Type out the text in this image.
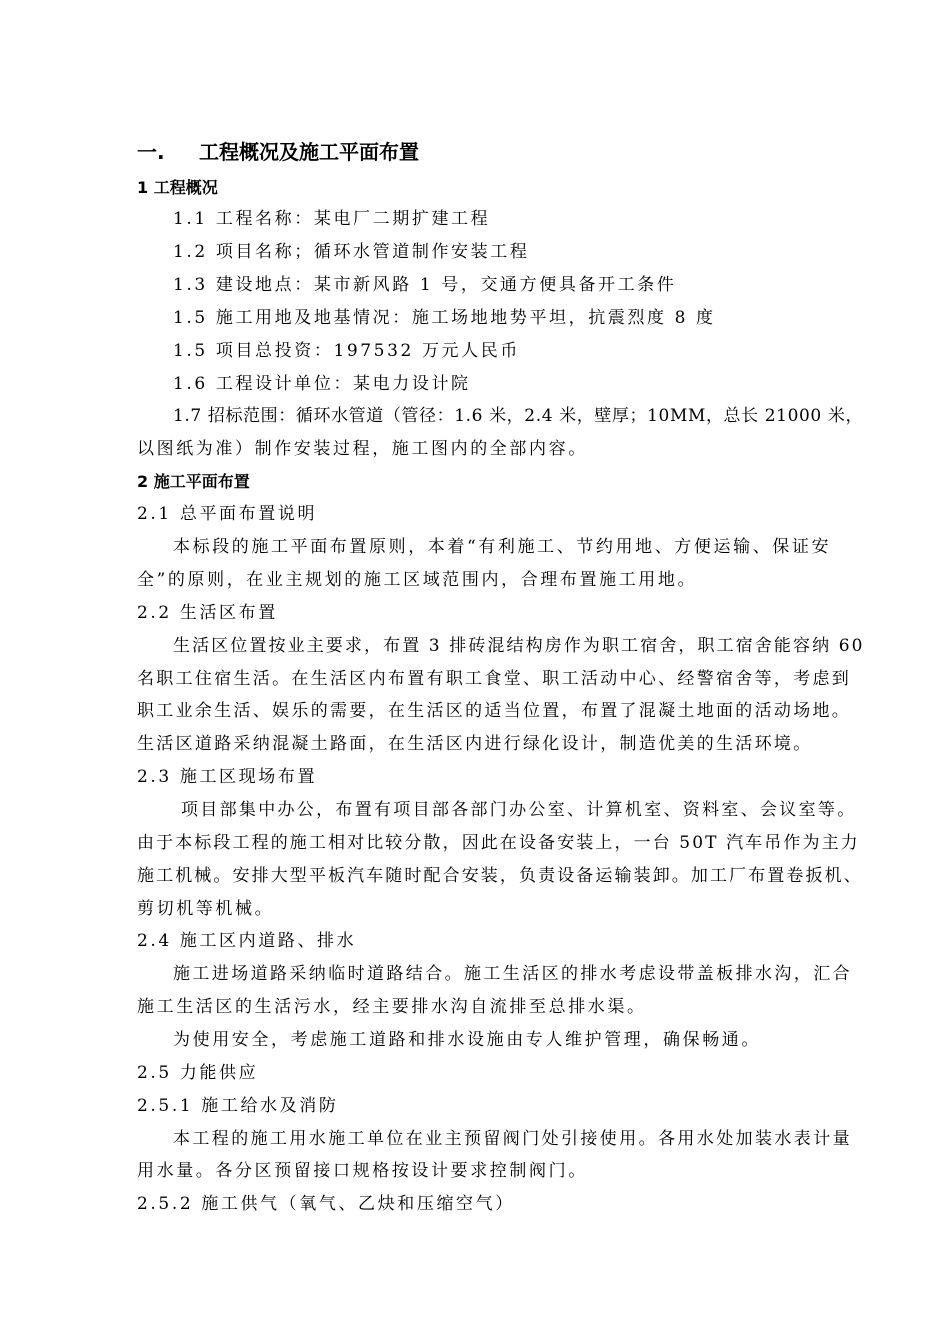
一. 工程概况及施工平面布置
1 工程概况
1.1 工程名称：某电厂二期扩建工程
1.2 项目名称；循环水管道制作安装工程
1.3 建设地点：某市新风路 1 号，交通方便具备开工条件
1.5 施工用地及地基情况：施工场地地势平坦，抗震烈度 8 度
1.5 项目总投资：197532 万元人民币
1.6 工程设计单位：某电力设计院
1.7 招标范围：循环水管道（管径：1.6 米，2.4 米，壁厚；10MM，总长 21000 米，
以图纸为准）制作安装过程，施工图内的全部内容。
2 施工平面布置
2.1 总平面布置说明
本标段的施工平面布置原则，本着“有利施工、节约用地、方便运输、保证安
全”的原则，在业主规划的施工区域范围内，合理布置施工用地。
2.2 生活区布置
生活区位置按业主要求，布置 3 排砖混结构房作为职工宿舍，职工宿舍能容纳 60
名职工住宿生活。在生活区内布置有职工食堂、职工活动中心、经警宿舍等，考虑到
职工业余生活、娱乐的需要，在生活区的适当位置，布置了混凝土地面的活动场地。
生活区道路采纳混凝土路面，在生活区内进行绿化设计，制造优美的生活环境。
2.3 施工区现场布置
项目部集中办公，布置有项目部各部门办公室、计算机室、资料室、会议室等。
由于本标段工程的施工相对比较分散，因此在设备安装上，一台 50T 汽车吊作为主力
施工机械。安排大型平板汽车随时配合安装，负责设备运输装卸。加工厂布置卷扳机、
剪切机等机械。
2.4 施工区内道路、排水
施工进场道路采纳临时道路结合。施工生活区的排水考虑设带盖板排水沟，汇合
施工生活区的生活污水，经主要排水沟自流排至总排水渠。
为使用安全，考虑施工道路和排水设施由专人维护管理，确保畅通。
2.5 力能供应
2.5.1 施工给水及消防
本工程的施工用水施工单位在业主预留阀门处引接使用。各用水处加装水表计量
用水量。各分区预留接口规格按设计要求控制阀门。
2.5.2 施工供气（氧气、乙炔和压缩空气）
